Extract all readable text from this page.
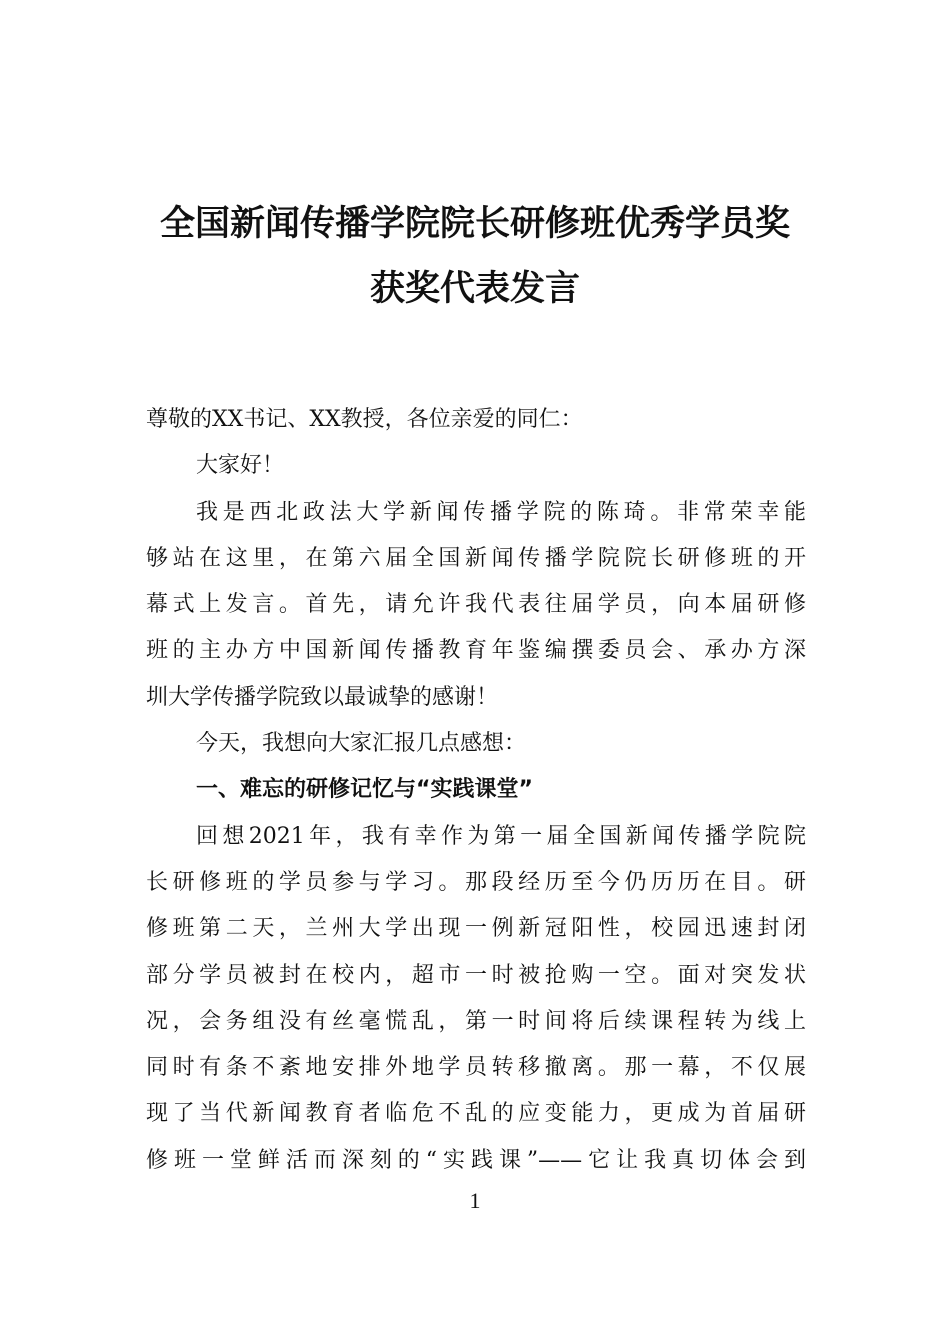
全国新闻传播学院院长研修班优秀学员奖
获奖代表发言
尊敬的XX书记、XX教授，各位亲爱的同仁：
大家好！
我是西北政法大学新闻传播学院的陈琦。非常荣幸能
够站在这里，在第六届全国新闻传播学院院长研修班的开
幕式上发言。首先，请允许我代表往届学员，向本届研修
班的主办方中国新闻传播教育年鉴编撰委员会、承办方深
圳大学传播学院致以最诚挚的感谢！
今天，我想向大家汇报几点感想：
一、难忘的研修记忆与“实践课堂”
回想2021年，我有幸作为第一届全国新闻传播学院院
长研修班的学员参与学习。那段经历至今仍历历在目。研
修班第二天，兰州大学出现一例新冠阳性，校园迅速封闭
部分学员被封在校内，超市一时被抢购一空。面对突发状
况，会务组没有丝毫慌乱，第一时间将后续课程转为线上
同时有条不紊地安排外地学员转移撤离。那一幕，不仅展
现了当代新闻教育者临危不乱的应变能力，更成为首届研
修班一堂鲜活而深刻的“实践课”——它让我真切体会到
1
